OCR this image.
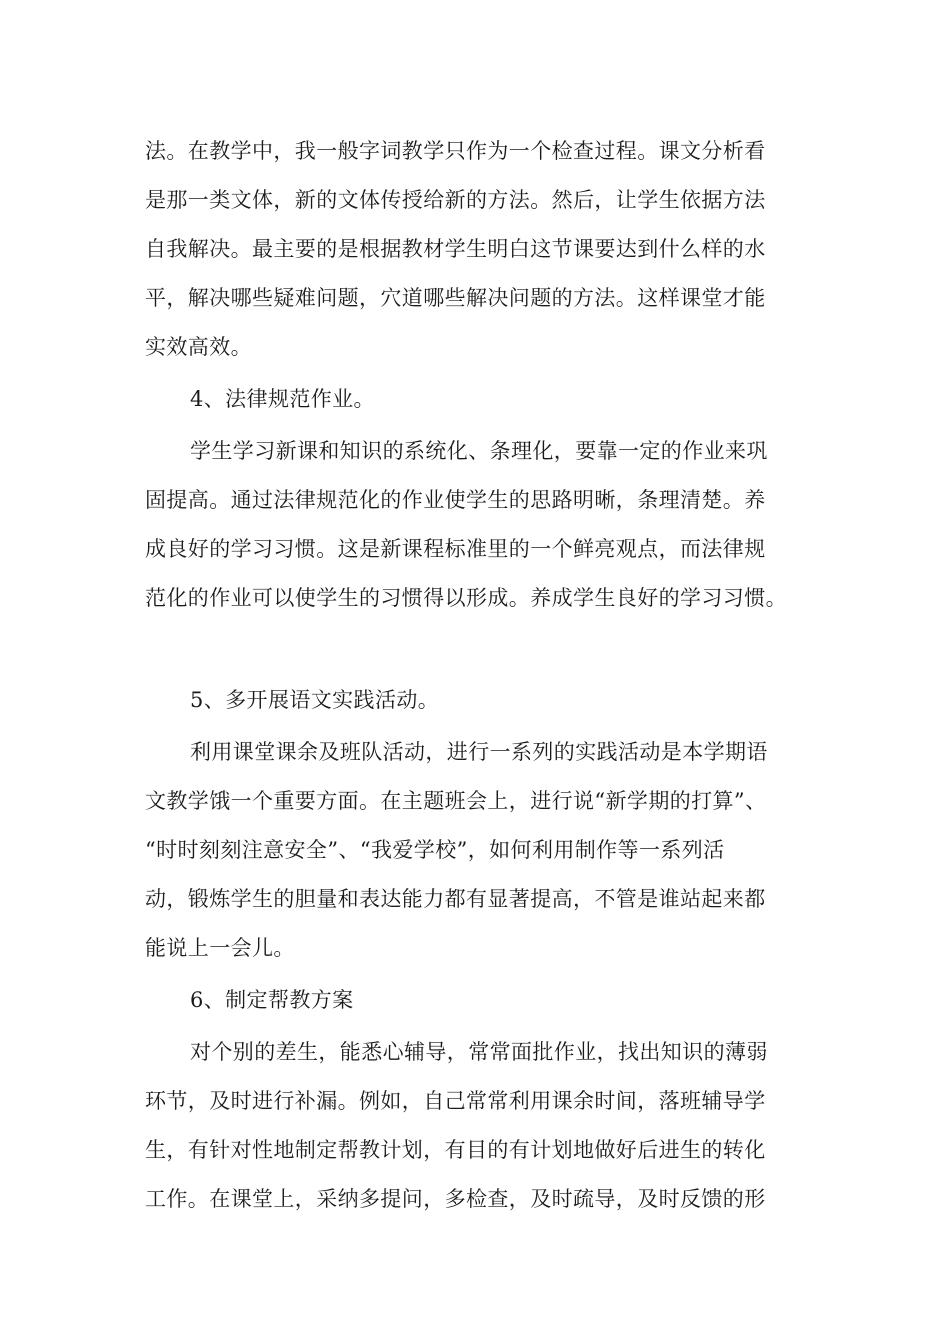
法。在教学中，我一般字词教学只作为一个检查过程。课文分析看
是那一类文体，新的文体传授给新的方法。然后，让学生依据方法
自我解决。最主要的是根据教材学生明白这节课要达到什么样的水
平，解决哪些疑难问题，穴道哪些解决问题的方法。这样课堂才能
实效高效。
4、法律规范作业。
学生学习新课和知识的系统化、条理化，要靠一定的作业来巩
固提高。通过法律规范化的作业使学生的思路明晰，条理清楚。养
成良好的学习习惯。这是新课程标准里的一个鲜亮观点，而法律规
范化的作业可以使学生的习惯得以形成。养成学生良好的学习习惯。
5、多开展语文实践活动。
利用课堂课余及班队活动，进行一系列的实践活动是本学期语
文教学饿一个重要方面。在主题班会上，进行说“新学期的打算”、
“时时刻刻注意安全”、“我爱学校”，如何利用制作等一系列活
动，锻炼学生的胆量和表达能力都有显著提高，不管是谁站起来都
能说上一会儿。
6、制定帮教方案
对个别的差生，能悉心辅导，常常面批作业，找出知识的薄弱
环节，及时进行补漏。例如，自己常常利用课余时间，落班辅导学
生，有针对性地制定帮教计划，有目的有计划地做好后进生的转化
工作。在课堂上，采纳多提问，多检查，及时疏导，及时反馈的形
